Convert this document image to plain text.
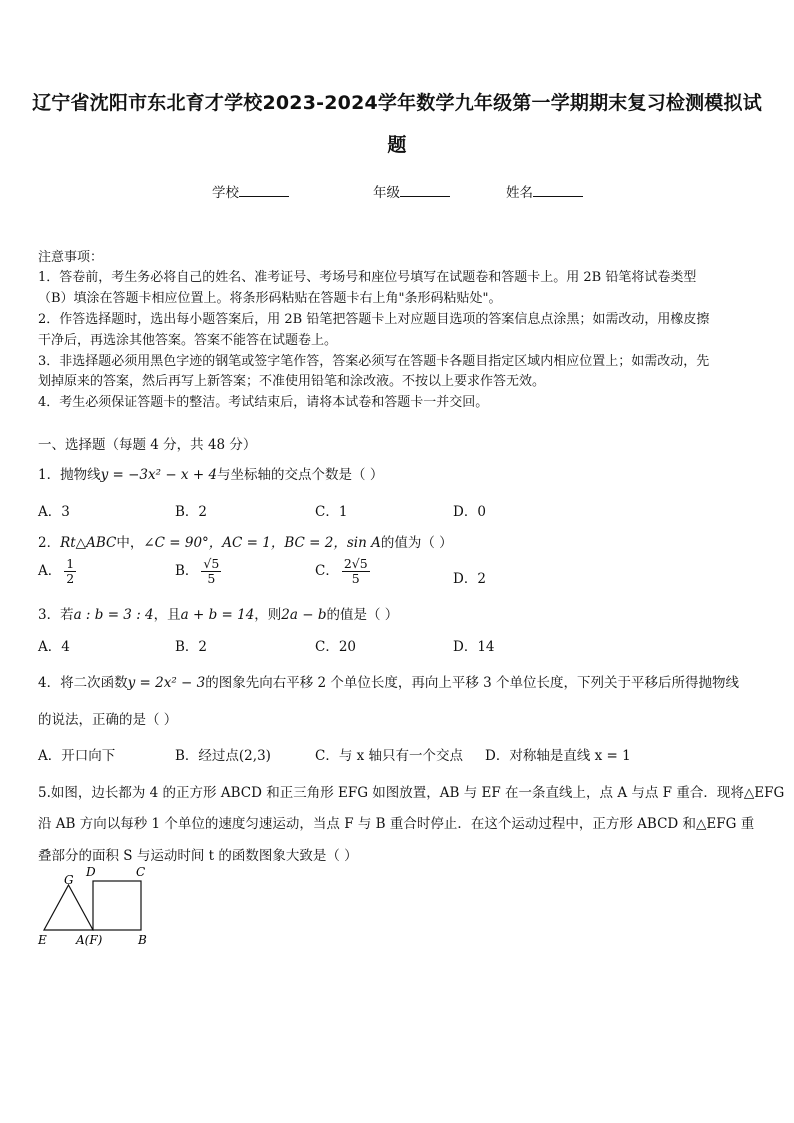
辽宁省沈阳市东北育才学校2023-2024学年数学九年级第一学期期末复习检测模拟试
题
学校	年级	姓名
注意事项：
1．答卷前，考生务必将自己的姓名、准考证号、考场号和座位号填写在试题卷和答题卡上。用 2B 铅笔将试卷类型
（B）填涂在答题卡相应位置上。将条形码粘贴在答题卡右上角"条形码粘贴处"。
2．作答选择题时，选出每小题答案后，用 2B 铅笔把答题卡上对应题目选项的答案信息点涂黑；如需改动，用橡皮擦
干净后，再选涂其他答案。答案不能答在试题卷上。
3．非选择题必须用黑色字迹的钢笔或签字笔作答，答案必须写在答题卡各题目指定区域内相应位置上；如需改动，先
划掉原来的答案，然后再写上新答案；不准使用铅笔和涂改液。不按以上要求作答无效。
4．考生必须保证答题卡的整洁。考试结束后，请将本试卷和答题卡一并交回。
一、选择题（每题 4 分，共 48 分）
1．抛物线y = −3x² − x + 4与坐标轴的交点个数是（ ）
A．3	B．2	C．1	D．0
2．Rt△ABC中，∠C = 90°，AC = 1，BC = 2，sin A的值为（ ）
A． $\frac{1}{2}$	B． $\frac{√5}{5}$	C． $\frac{2√5}{5}$	D．2
3．若a : b = 3 : 4，且a + b = 14，则2a − b的值是（ ）
A．4	B．2	C．20	D．14
4．将二次函数y = 2x² − 3的图象先向右平移 2 个单位长度，再向上平移 3 个单位长度，下列关于平移后所得抛物线
的说法，正确的是（ ）
A．开口向下	B．经过点(2,3)	C．与 x 轴只有一个交点 D．对称轴是直线 x = 1
5.如图，边长都为 4 的正方形 ABCD 和正三角形 EFG 如图放置，AB 与 EF 在一条直线上，点 A 与点 F 重合．现将△EFG
沿 AB 方向以每秒 1 个单位的速度匀速运动，当点 F 与 B 重合时停止．在这个运动过程中，正方形 ABCD 和△EFG 重
叠部分的面积 S 与运动时间 t 的函数图象大致是（ ）
G
D	C
E A(F)	B
